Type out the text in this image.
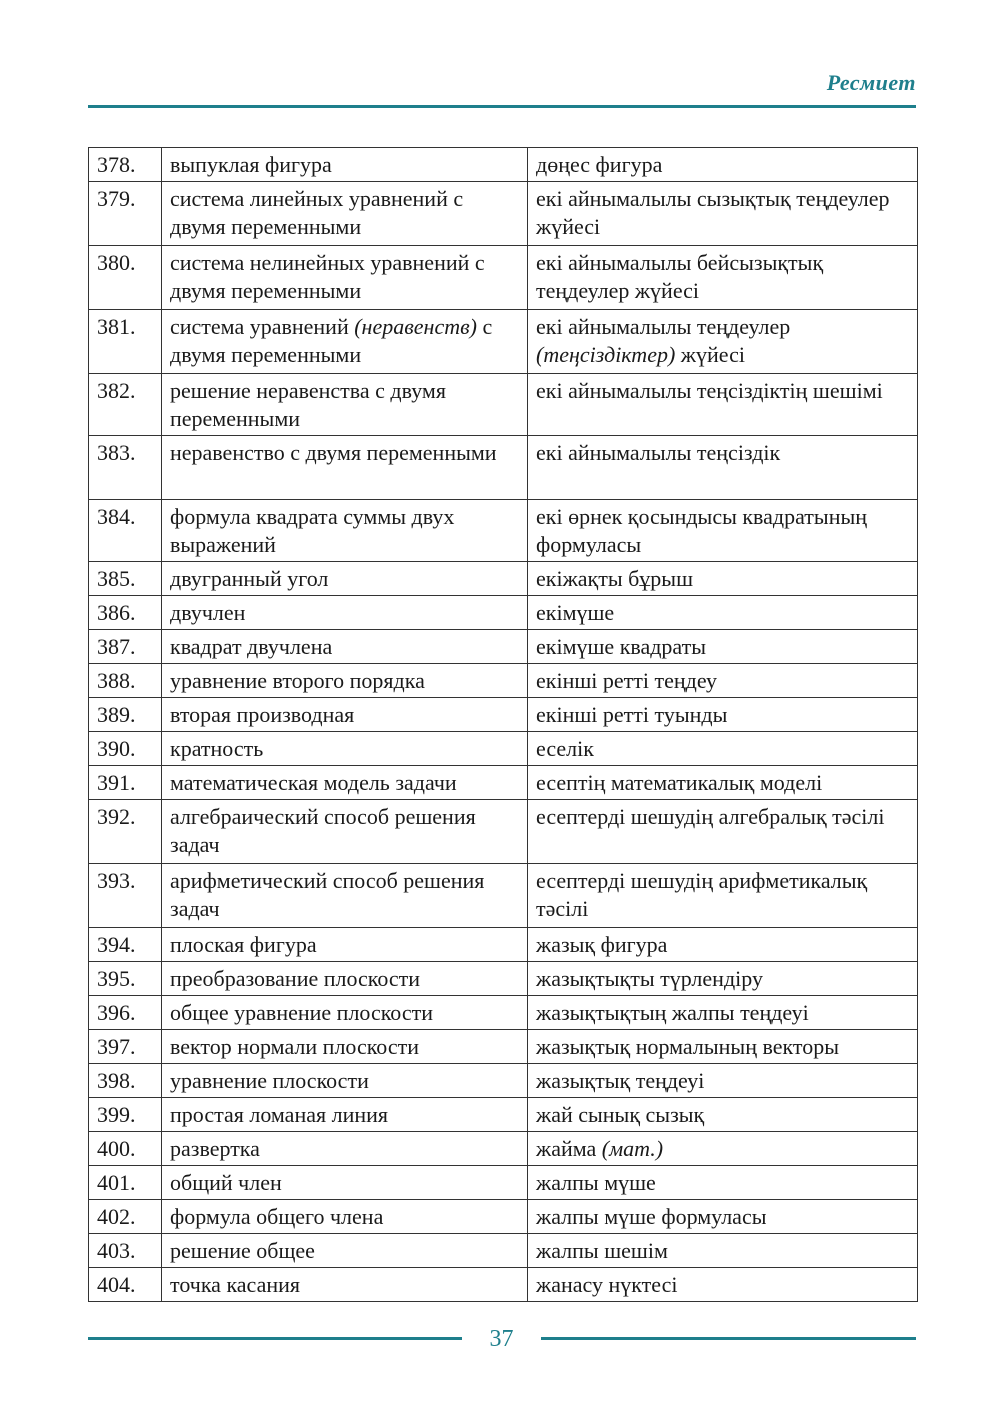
Ресмиет
378.	выпуклая фигура	дөңес фигура
379.	система линейных уравнений с двумя переменными	екі айнымалылы сызықтық теңдеулер жүйесі
380.	система нелинейных уравнений с двумя переменными	екі айнымалылы бейсызықтық теңдеулер жүйесі
381.	система уравнений (неравенств) с двумя переменными	екі айнымалылы теңдеулер (теңсіздіктер) жүйесі
382.	решение неравенства с двумя переменными	екі айнымалылы теңсіздіктің шешімі
383.	неравенство с двумя переменными	екі айнымалылы теңсіздік
384.	формула квадрата суммы двух выражений	екі өрнек қосындысы квадратының формуласы
385.	двугранный угол	екіжақты бұрыш
386.	двучлен	екімүше
387.	квадрат двучлена	екімүше квадраты
388.	уравнение второго порядка	екінші ретті теңдеу
389.	вторая производная	екінші ретті туынды
390.	кратность	еселік
391.	математическая модель задачи	есептің математикалық моделі
392.	алгебраический способ решения задач	есептерді шешудің алгебралық тәсілі
393.	арифметический способ решения задач	есептерді шешудің арифметикалық тәсілі
394.	плоская фигура	жазық фигура
395.	преобразование плоскости	жазықтықты түрлендіру
396.	общее уравнение плоскости	жазықтықтың жалпы теңдеуі
397.	вектор нормали плоскости	жазықтық нормалының векторы
398.	уравнение плоскости	жазықтық теңдеуі
399.	простая ломаная линия	жай сынық сызық
400.	развертка	жайма (мат.)
401.	общий член	жалпы мүше
402.	формула общего члена	жалпы мүше формуласы
403.	решение общее	жалпы шешім
404.	точка касания	жанасу нүктесі
37
